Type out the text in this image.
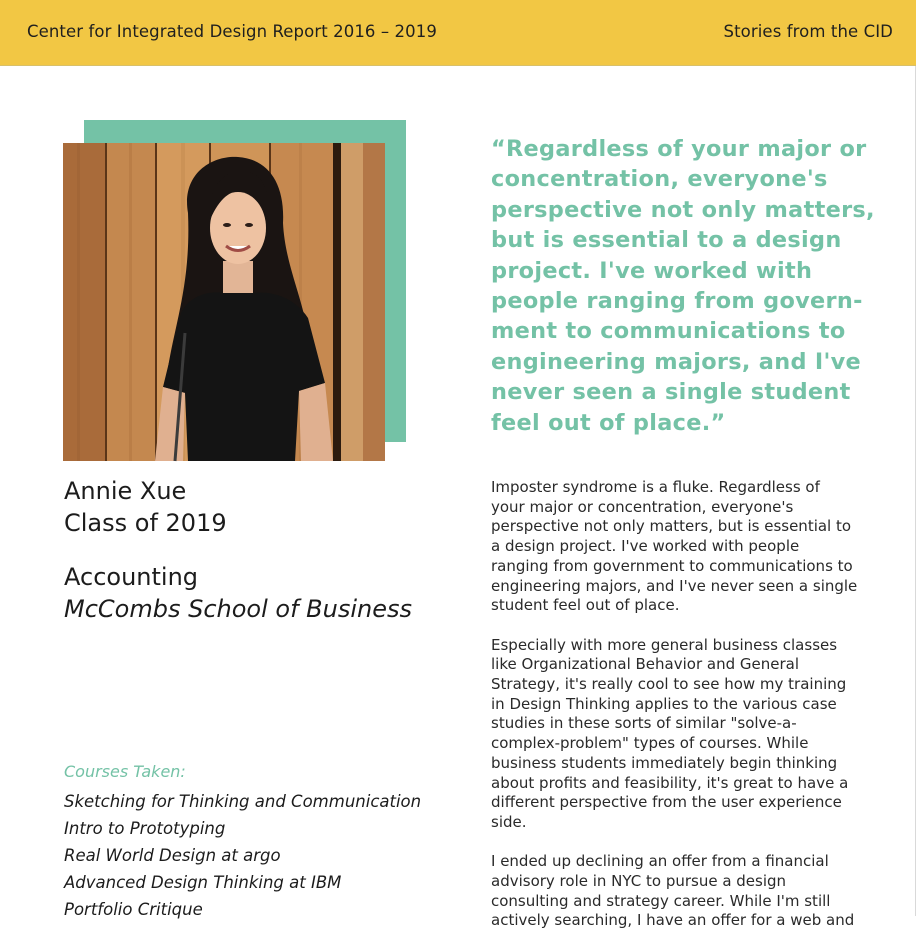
Center for Integrated Design Report 2016 – 2019	Stories from the CID
Annie Xue
Class of 2019
Accounting
McCombs School of Business
Courses Taken:
Sketching for Thinking and Communication
Intro to Prototyping
Real World Design at argo
Advanced Design Thinking at IBM
Portfolio Critique
“Regardless of your major or
concentration, everyone's
perspective not only matters,
but is essential to a design
project. I've worked with
people ranging from govern-
ment to communications to
engineering majors, and I've
never seen a single student
feel out of place.”
Imposter syndrome is a fluke. Regardless of
your major or concentration, everyone's
perspective not only matters, but is essential to
a design project. I've worked with people
ranging from government to communications to
engineering majors, and I've never seen a single
student feel out of place.
Especially with more general business classes
like Organizational Behavior and General
Strategy, it's really cool to see how my training
in Design Thinking applies to the various case
studies in these sorts of similar "solve-a-
complex-problem" types of courses. While
business students immediately begin thinking
about profits and feasibility, it's great to have a
different perspective from the user experience
side.
I ended up declining an offer from a financial
advisory role in NYC to pursue a design
consulting and strategy career. While I'm still
actively searching, I have an offer for a web and
